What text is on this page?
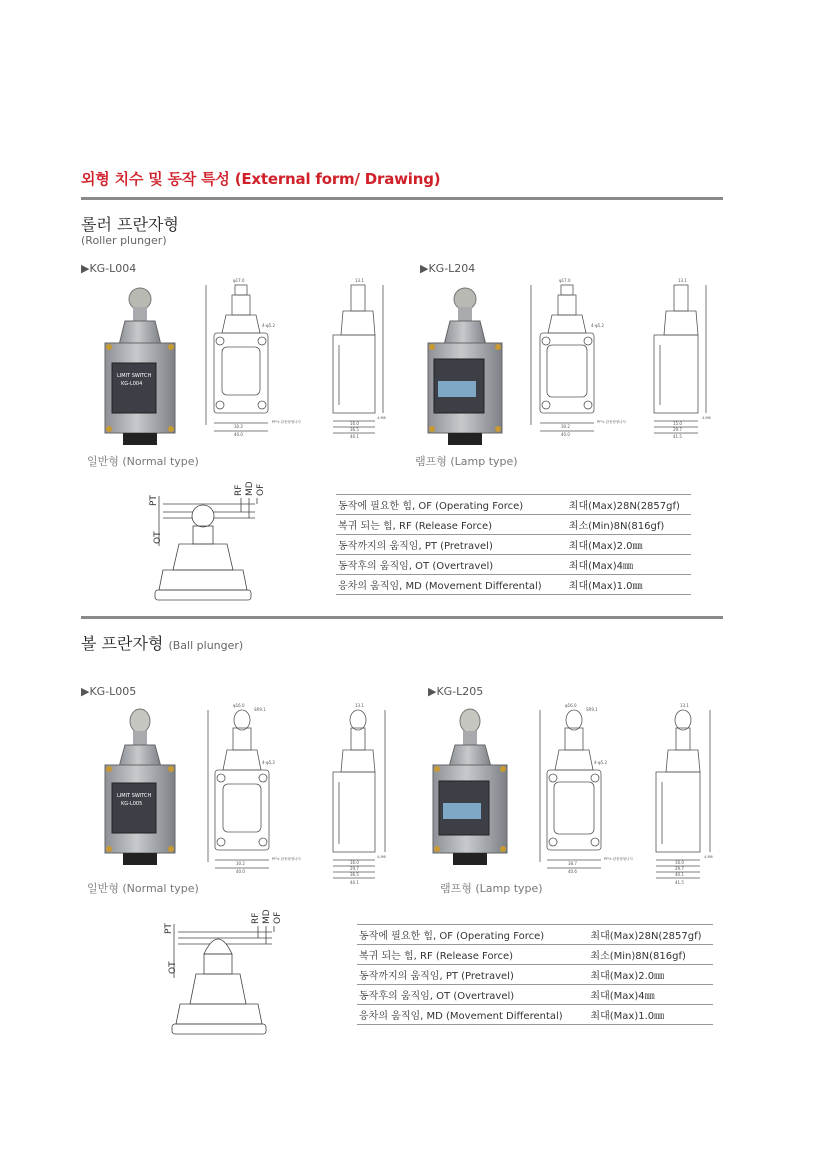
외형 치수 및 동작 특성 (External form/ Drawing)
롤러 프란자형
(Roller plunger)
▶KG-L004	▶KG-L204
LIMIT SWITCH
KG-L004
일반형 (Normal type)
φ17.0
4-φ5.2
30.2
40.0
PF½ 관용평형나사
13.1
16.0
36.5
40.1
4-M6
램프형 (Lamp type)
φ17.0
4-φ5.2
30.2
40.0
PF½ 관용평형나사
13.1
15.0
29.7
41.5
4-M6
PT
OT
RF MD OF
동작에 필요한 힘, OF (Operating Force)	최대(Max)28N(2857gf)
복귀 되는 힘, RF (Release Force)	최소(Min)8N(816gf)
동작까지의 움직임, PT (Pretravel)	최대(Max)2.0㎜
동작후의 움직임, OT (Overtravel)	최대(Max)4㎜
응차의 움직임, MD (Movement Differental)	최대(Max)1.0㎜
볼 프란자형 (Ball plunger)
▶KG-L005	▶KG-L205
LIMIT SWITCH
KG-L005
일반형 (Normal type)
φ16.0
SR9.1
4-φ5.2
30.2
40.0
PF½ 관용평형나사
13.1
16.0
29.7
36.5
40.1
4-M6
램프형 (Lamp type)
φ16.0
SR9.1
4-φ5.2
38.7
40.6
PF½ 관용평형나사
13.1
16.0
29.7
40.1
41.5
4-M6
PT
OT
RF MD OF
동작에 필요한 힘, OF (Operating Force)	최대(Max)28N(2857gf)
복귀 되는 힘, RF (Release Force)	최소(Min)8N(816gf)
동작까지의 움직임, PT (Pretravel)	최대(Max)2.0㎜
동작후의 움직임, OT (Overtravel)	최대(Max)4㎜
응차의 움직임, MD (Movement Differental)	최대(Max)1.0㎜
